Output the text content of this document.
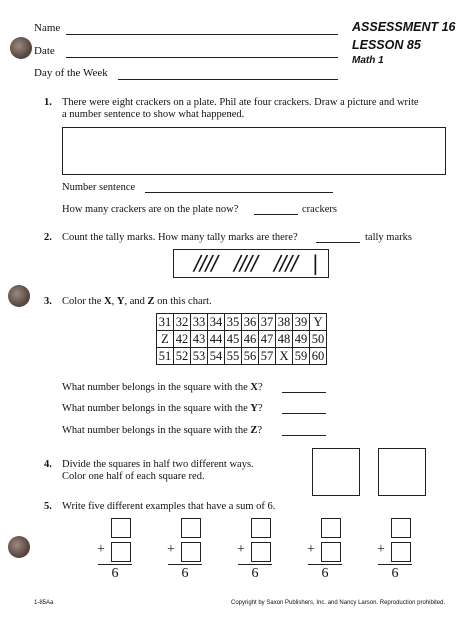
Name
Date
Day of the Week
ASSESSMENT 16
LESSON 85
Math 1
1. There were eight crackers on a plate. Phil ate four crackers. Draw a picture and write
a number sentence to show what happened.
Number sentence
How many crackers are on the plate now?	crackers
2. Count the tally marks. How many tally marks are there?	tally marks
//// //// //// |
3. Color the X, Y, and Z on this chart.
31	32	33	34	35	36	37	38	39	Y
Z	42	43	44	45	46	47	48	49	50
51	52	53	54	55	56	57	X	59	60
What number belongs in the square with the X?
What number belongs in the square with the Y?
What number belongs in the square with the Z?
4. Divide the squares in half two different ways.
Color one half of each square red.
5. Write five different examples that have a sum of 6.
+
6
+
6
+
6
+
6
+
6
1-85Aa	Copyright by Saxon Publishers, Inc. and Nancy Larson. Reproduction prohibited.
